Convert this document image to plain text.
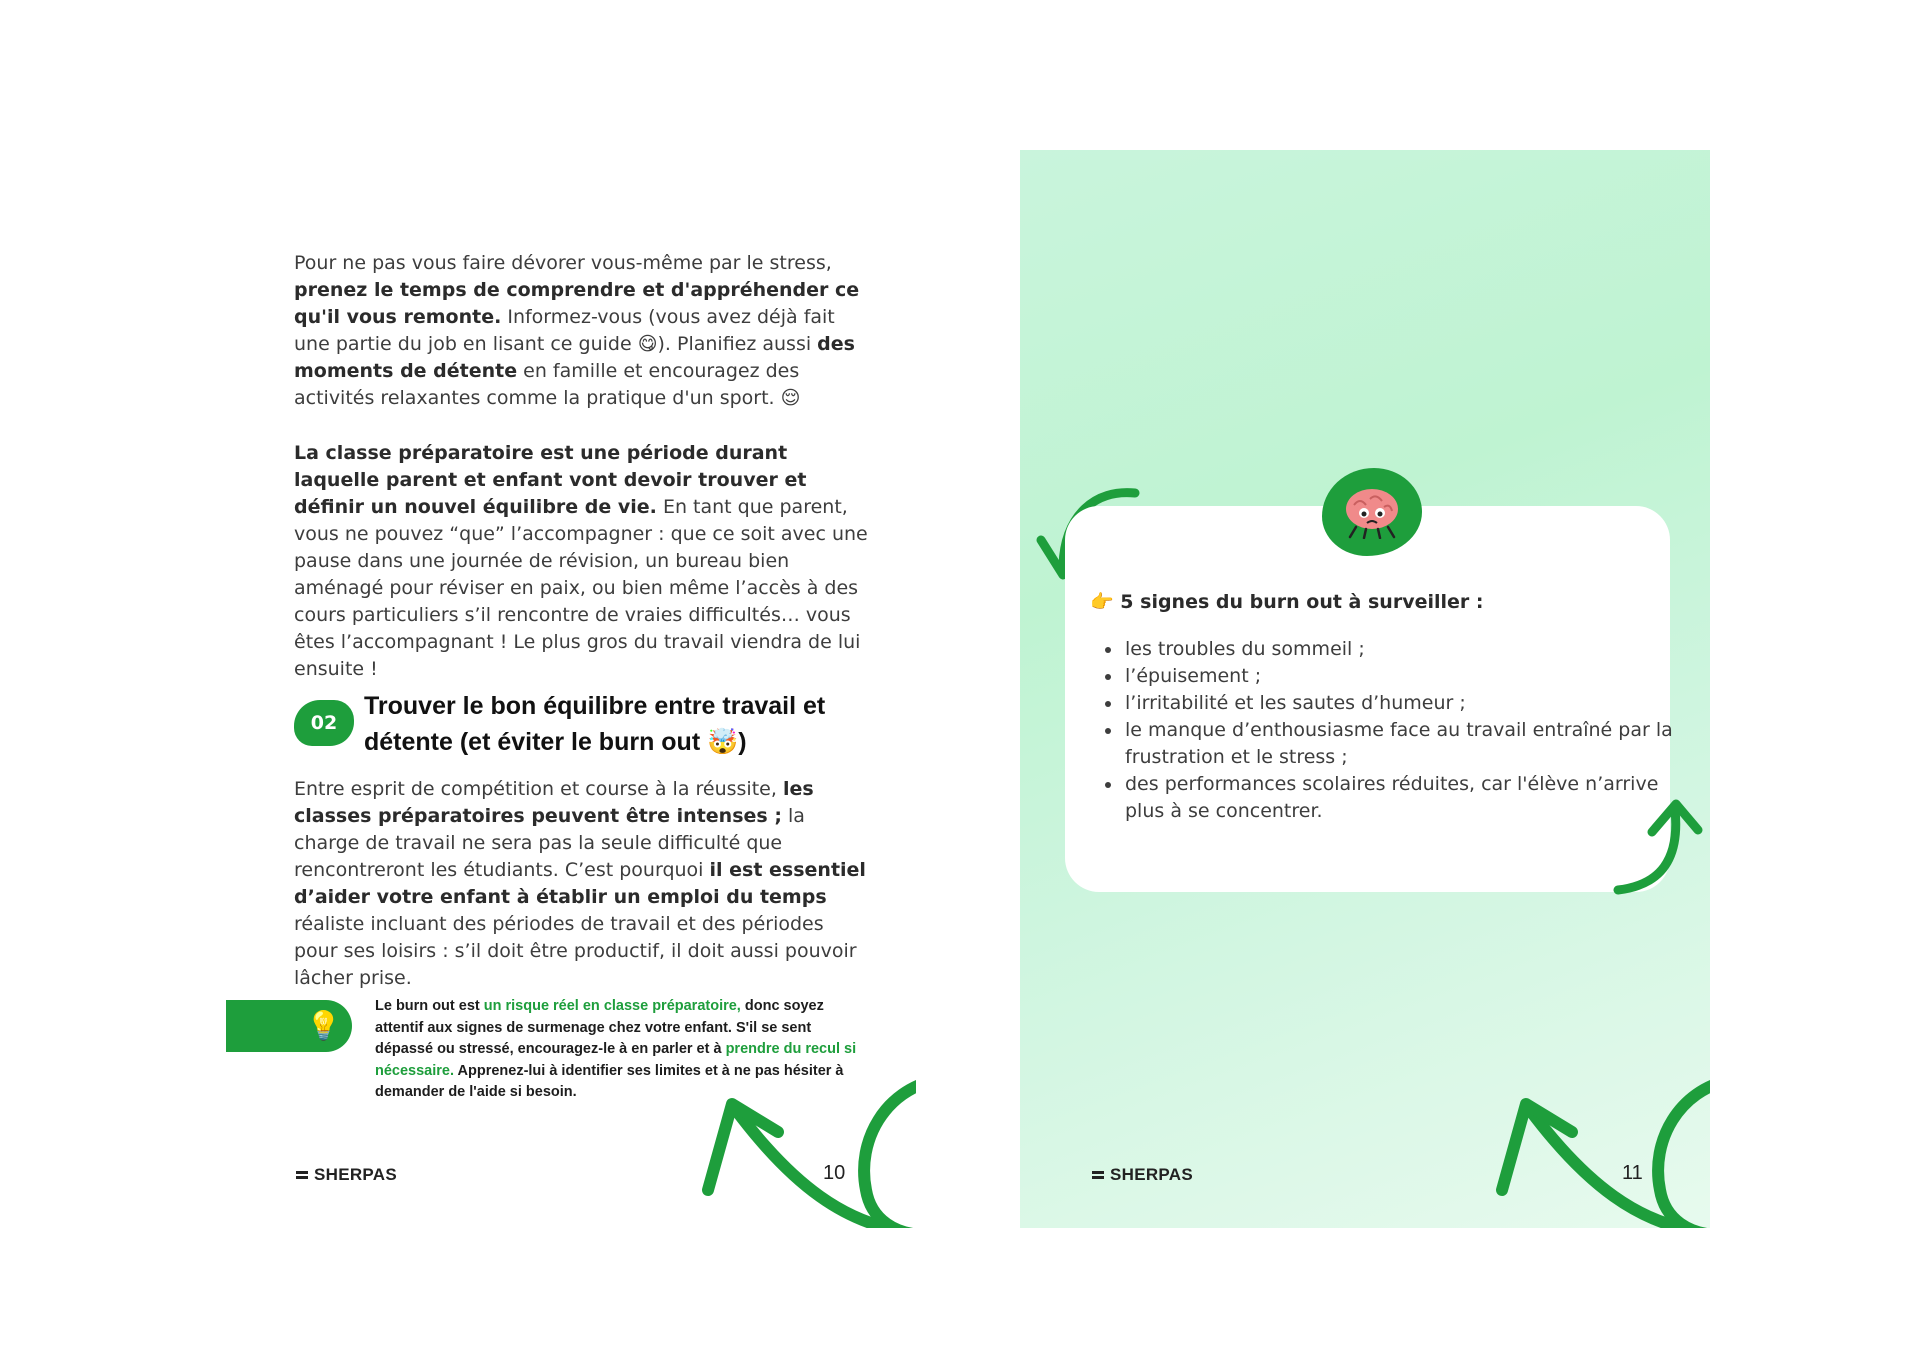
Pour ne pas vous faire dévorer vous-même par le stress, prenez le temps de comprendre et d'appréhender ce qu'il vous remonte. Informez-vous (vous avez déjà fait une partie du job en lisant ce guide 😋). Planifiez aussi des moments de détente en famille et encouragez des activités relaxantes comme la pratique d'un sport. 😌

La classe préparatoire est une période durant laquelle parent et enfant vont devoir trouver et définir un nouvel équilibre de vie. En tant que parent, vous ne pouvez “que” l’accompagner : que ce soit avec une pause dans une journée de révision, un bureau bien aménagé pour réviser en paix, ou bien même l’accès à des cours particuliers s’il rencontre de vraies difficultés… vous êtes l’accompagnant ! Le plus gros du travail viendra de lui ensuite !

02
Trouver le bon équilibre entre travail et détente (et éviter le burn out 🤯)

Entre esprit de compétition et course à la réussite, les classes préparatoires peuvent être intenses ; la charge de travail ne sera pas la seule difficulté que rencontreront les étudiants. C’est pourquoi il est essentiel d’aider votre enfant à établir un emploi du temps réaliste incluant des périodes de travail et des périodes pour ses loisirs : s’il doit être productif, il doit aussi pouvoir lâcher prise.

💡

Le burn out est un risque réel en classe préparatoire, donc soyez attentif aux signes de surmenage chez votre enfant. S'il se sent dépassé ou stressé, encouragez-le à en parler et à prendre du recul si nécessaire. Apprenez-lui à identifier ses limites et à ne pas hésiter à demander de l'aide si besoin.

SHERPAS	10

👉 5 signes du burn out à surveiller :

• les troubles du sommeil ;
• l’épuisement ;
• l’irritabilité et les sautes d’humeur ;
• le manque d’enthousiasme face au travail entraîné par la frustration et le stress ;
• des performances scolaires réduites, car l'élève n’arrive plus à se concentrer.
SHERPAS	11
